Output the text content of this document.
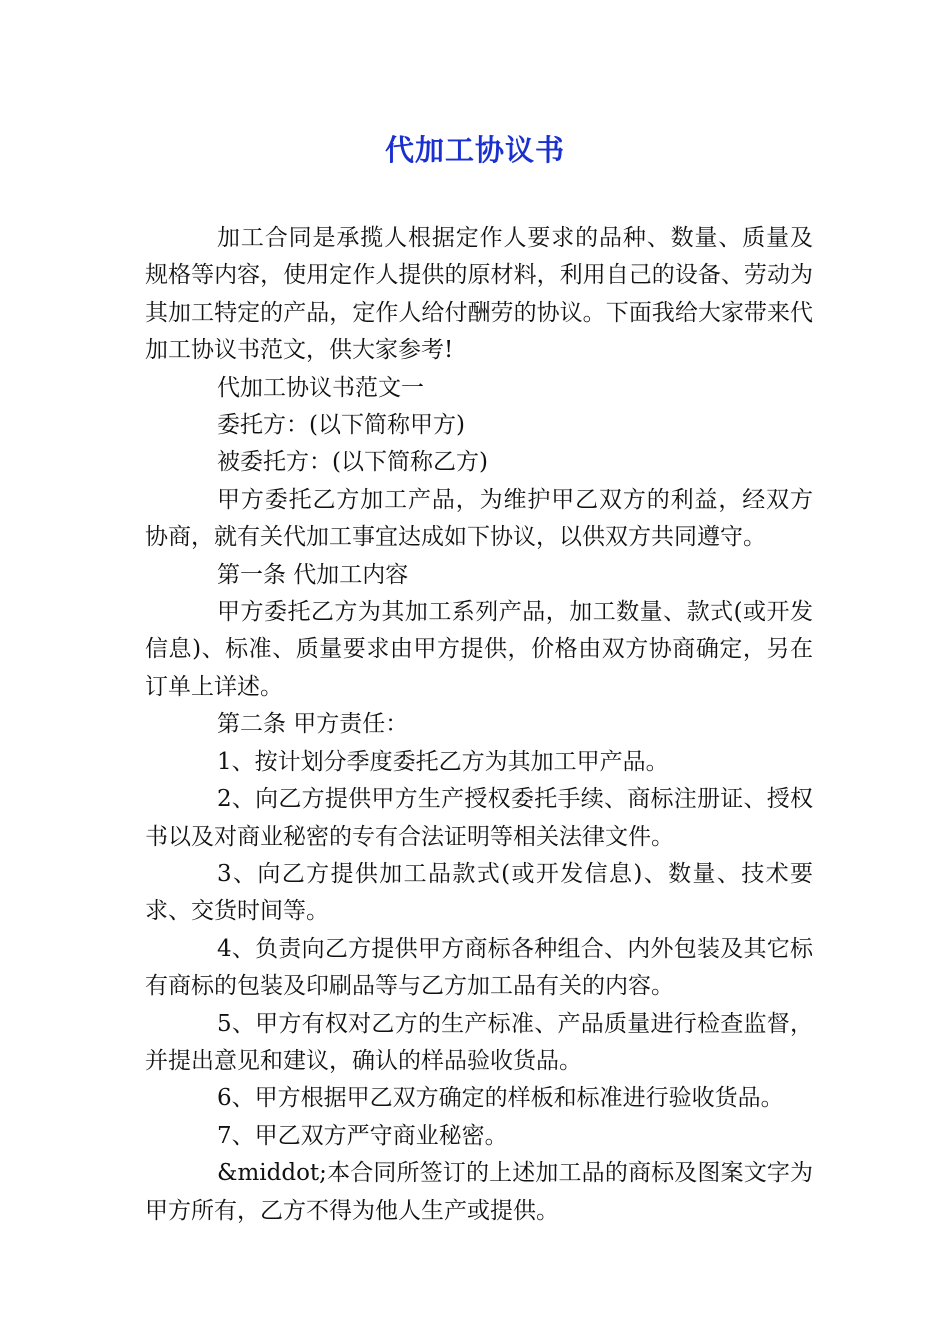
代加工协议书

加工合同是承揽人根据定作人要求的品种、数量、质量及规格等内容，使用定作人提供的原材料，利用自己的设备、劳动为其加工特定的产品，定作人给付酬劳的协议。下面我给大家带来代加工协议书范文，供大家参考!

代加工协议书范文一

委托方：(以下简称甲方)

被委托方：(以下简称乙方)

甲方委托乙方加工产品，为维护甲乙双方的利益，经双方协商，就有关代加工事宜达成如下协议，以供双方共同遵守。

第一条 代加工内容

甲方委托乙方为其加工系列产品，加工数量、款式(或开发信息)、标准、质量要求由甲方提供，价格由双方协商确定，另在订单上详述。

第二条 甲方责任：

1、按计划分季度委托乙方为其加工甲产品。

2、向乙方提供甲方生产授权委托手续、商标注册证、授权书以及对商业秘密的专有合法证明等相关法律文件。

3、向乙方提供加工品款式(或开发信息)、数量、技术要求、交货时间等。

4、负责向乙方提供甲方商标各种组合、内外包装及其它标有商标的包装及印刷品等与乙方加工品有关的内容。

5、甲方有权对乙方的生产标准、产品质量进行检查监督，并提出意见和建议，确认的样品验收货品。

6、甲方根据甲乙双方确定的样板和标准进行验收货品。

7、甲乙双方严守商业秘密。

&middot;本合同所签订的上述加工品的商标及图案文字为甲方所有，乙方不得为他人生产或提供。
